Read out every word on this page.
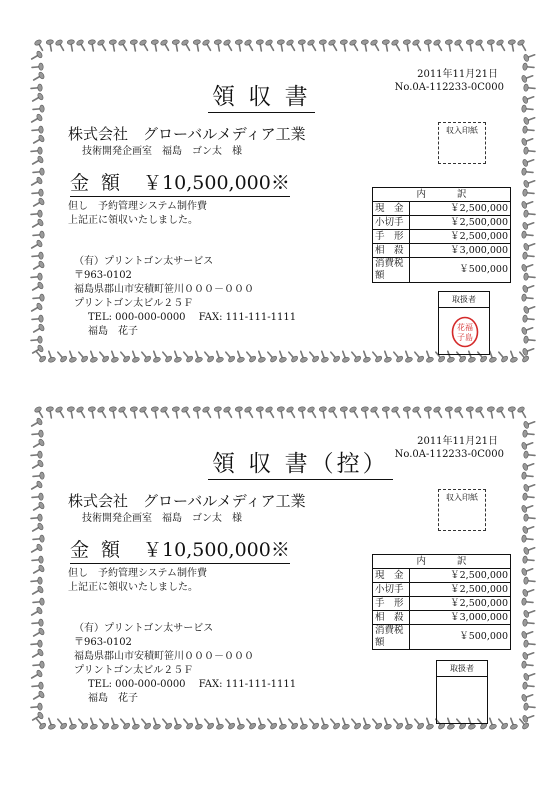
2011年11月21日
No.0A-112233-0C000
領 収 書
株式会社　グローバルメディア工業
技術開発企画室　福島　ゴン太　様
収入印紙
金 額 ￥10,500,000※
但し　予約管理システム制作費
上記正に領収いたしました。
（有）プリントゴン太サービス
〒963-0102
福島県郡山市安積町笹川０００－０００
プリントゴン太ビル２５Ｆ
TEL: 000-000-0000　 FAX: 111-111-1111
福島　花子
内 訳	
現　金	￥2,500,000
小切手	￥2,500,000
手　形	￥2,500,000
相　殺	￥3,000,000
消費税額	￥500,000
取扱者
花福
子島
2011年11月21日
No.0A-112233-0C000
領 収 書（控）
株式会社　グローバルメディア工業
技術開発企画室　福島　ゴン太　様
収入印紙
金 額 ￥10,500,000※
但し　予約管理システム制作費
上記正に領収いたしました。
（有）プリントゴン太サービス
〒963-0102
福島県郡山市安積町笹川０００－０００
プリントゴン太ビル２５Ｆ
TEL: 000-000-0000　 FAX: 111-111-1111
福島　花子
内 訳	
現　金	￥2,500,000
小切手	￥2,500,000
手　形	￥2,500,000
相　殺	￥3,000,000
消費税額	￥500,000
取扱者
